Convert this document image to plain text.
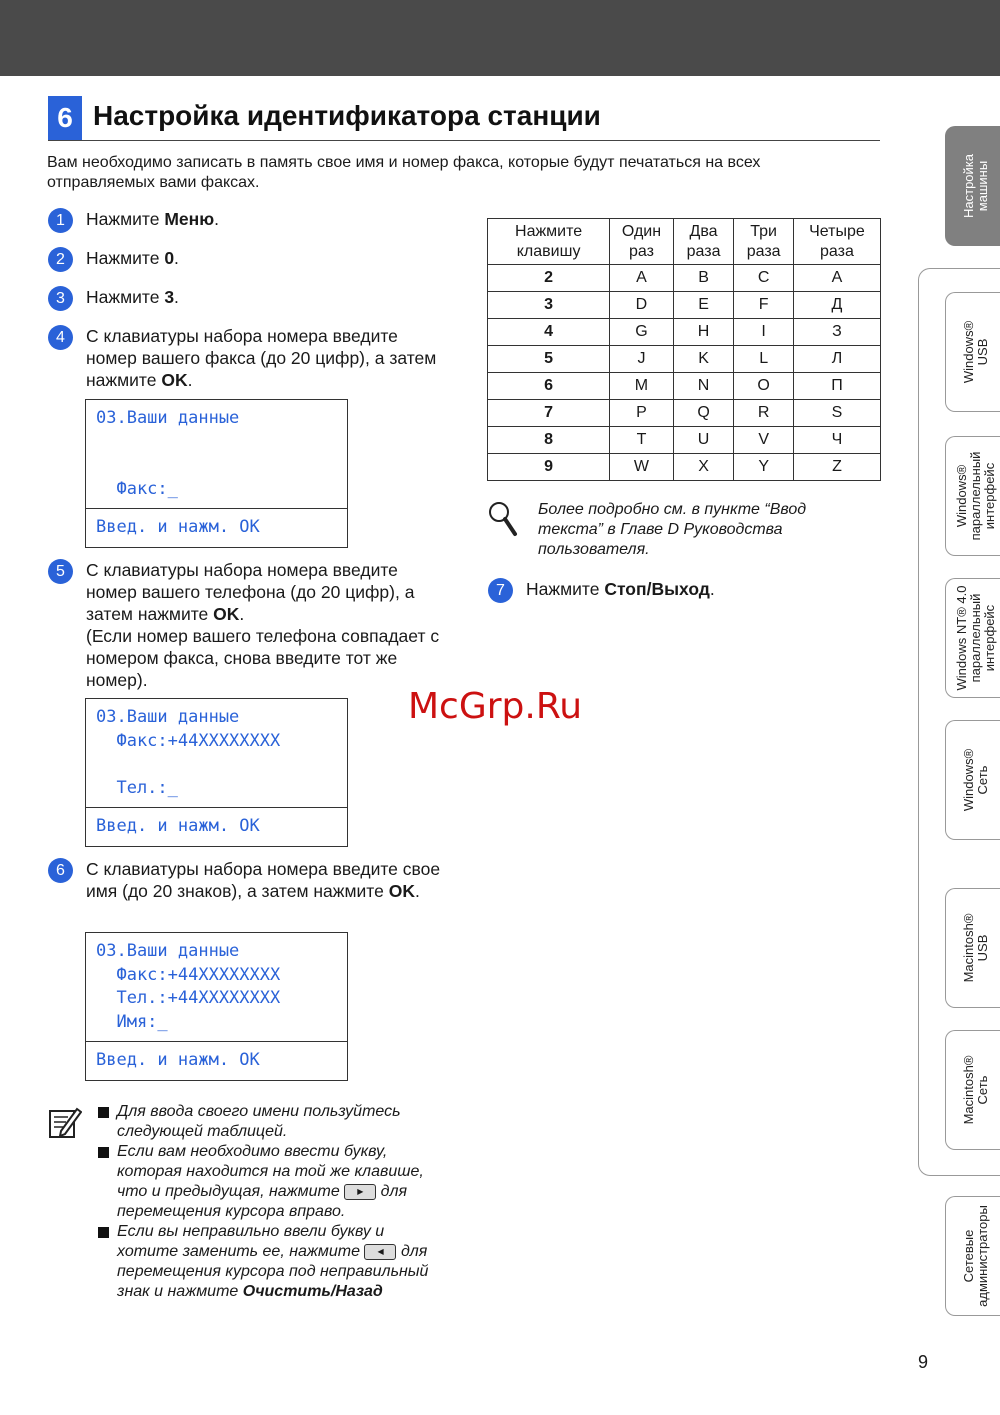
6 Настройка идентификатора станции
Вам необходимо записать в память свое имя и номер факса, которые будут печататься на всех отправляемых вами факсах.
1	Нажмите Меню.
2	Нажмите 0.
3	Нажмите 3.
4	С клавиатуры набора номера введите номер вашего факса (до 20 цифр), а затем нажмите OK.
03.Ваши данные
Факс:_
Введ. и нажм. OK
5	С клавиатуры набора номера введите номер вашего телефона (до 20 цифр), а затем нажмите OK.
(Если номер вашего телефона совпадает с номером факса, снова введите тот же номер).
03.Ваши данные
Факс:+44XXXXXXXX
Тел.:_
Введ. и нажм. OK
6	С клавиатуры набора номера введите свое имя (до 20 знаков), а затем нажмите OK.
03.Ваши данные
Факс:+44XXXXXXXX
Тел.:+44XXXXXXXX
Имя:_
Введ. и нажм. OK
Для ввода своего имени пользуйтесь следующей таблицей.
Если вам необходимо ввести букву, которая находится на той же клавише, что и предыдущая, нажмите ▶ для перемещения курсора вправо.
Если вы неправильно ввели букву и хотите заменить ее, нажмите ◀ для перемещения курсора под неправильный знак и нажмите Очистить/Назад
Нажмите клавишу	Один раз	Два раза	Три раза	Четыре раза
2	A	B	C	A
3	D	E	F	Д
4	G	H	I	З
5	J	K	L	Л
6	M	N	O	П
7	P	Q	R	S
8	T	U	V	Ч
9	W	X	Y	Z
Более подробно см. в пункте “Ввод текста” в Главе D Руководства пользователя.
7	Нажмите Стоп/Выход.
McGrp.Ru
Настройка
машины
Windows®
USB
Windows®
параллельный
интерфейс
Windows NT® 4.0
параллельный
интерфейс
Windows®
Сеть
Macintosh®
USB
Macintosh®
Сеть
Сетевые
администраторы
9
